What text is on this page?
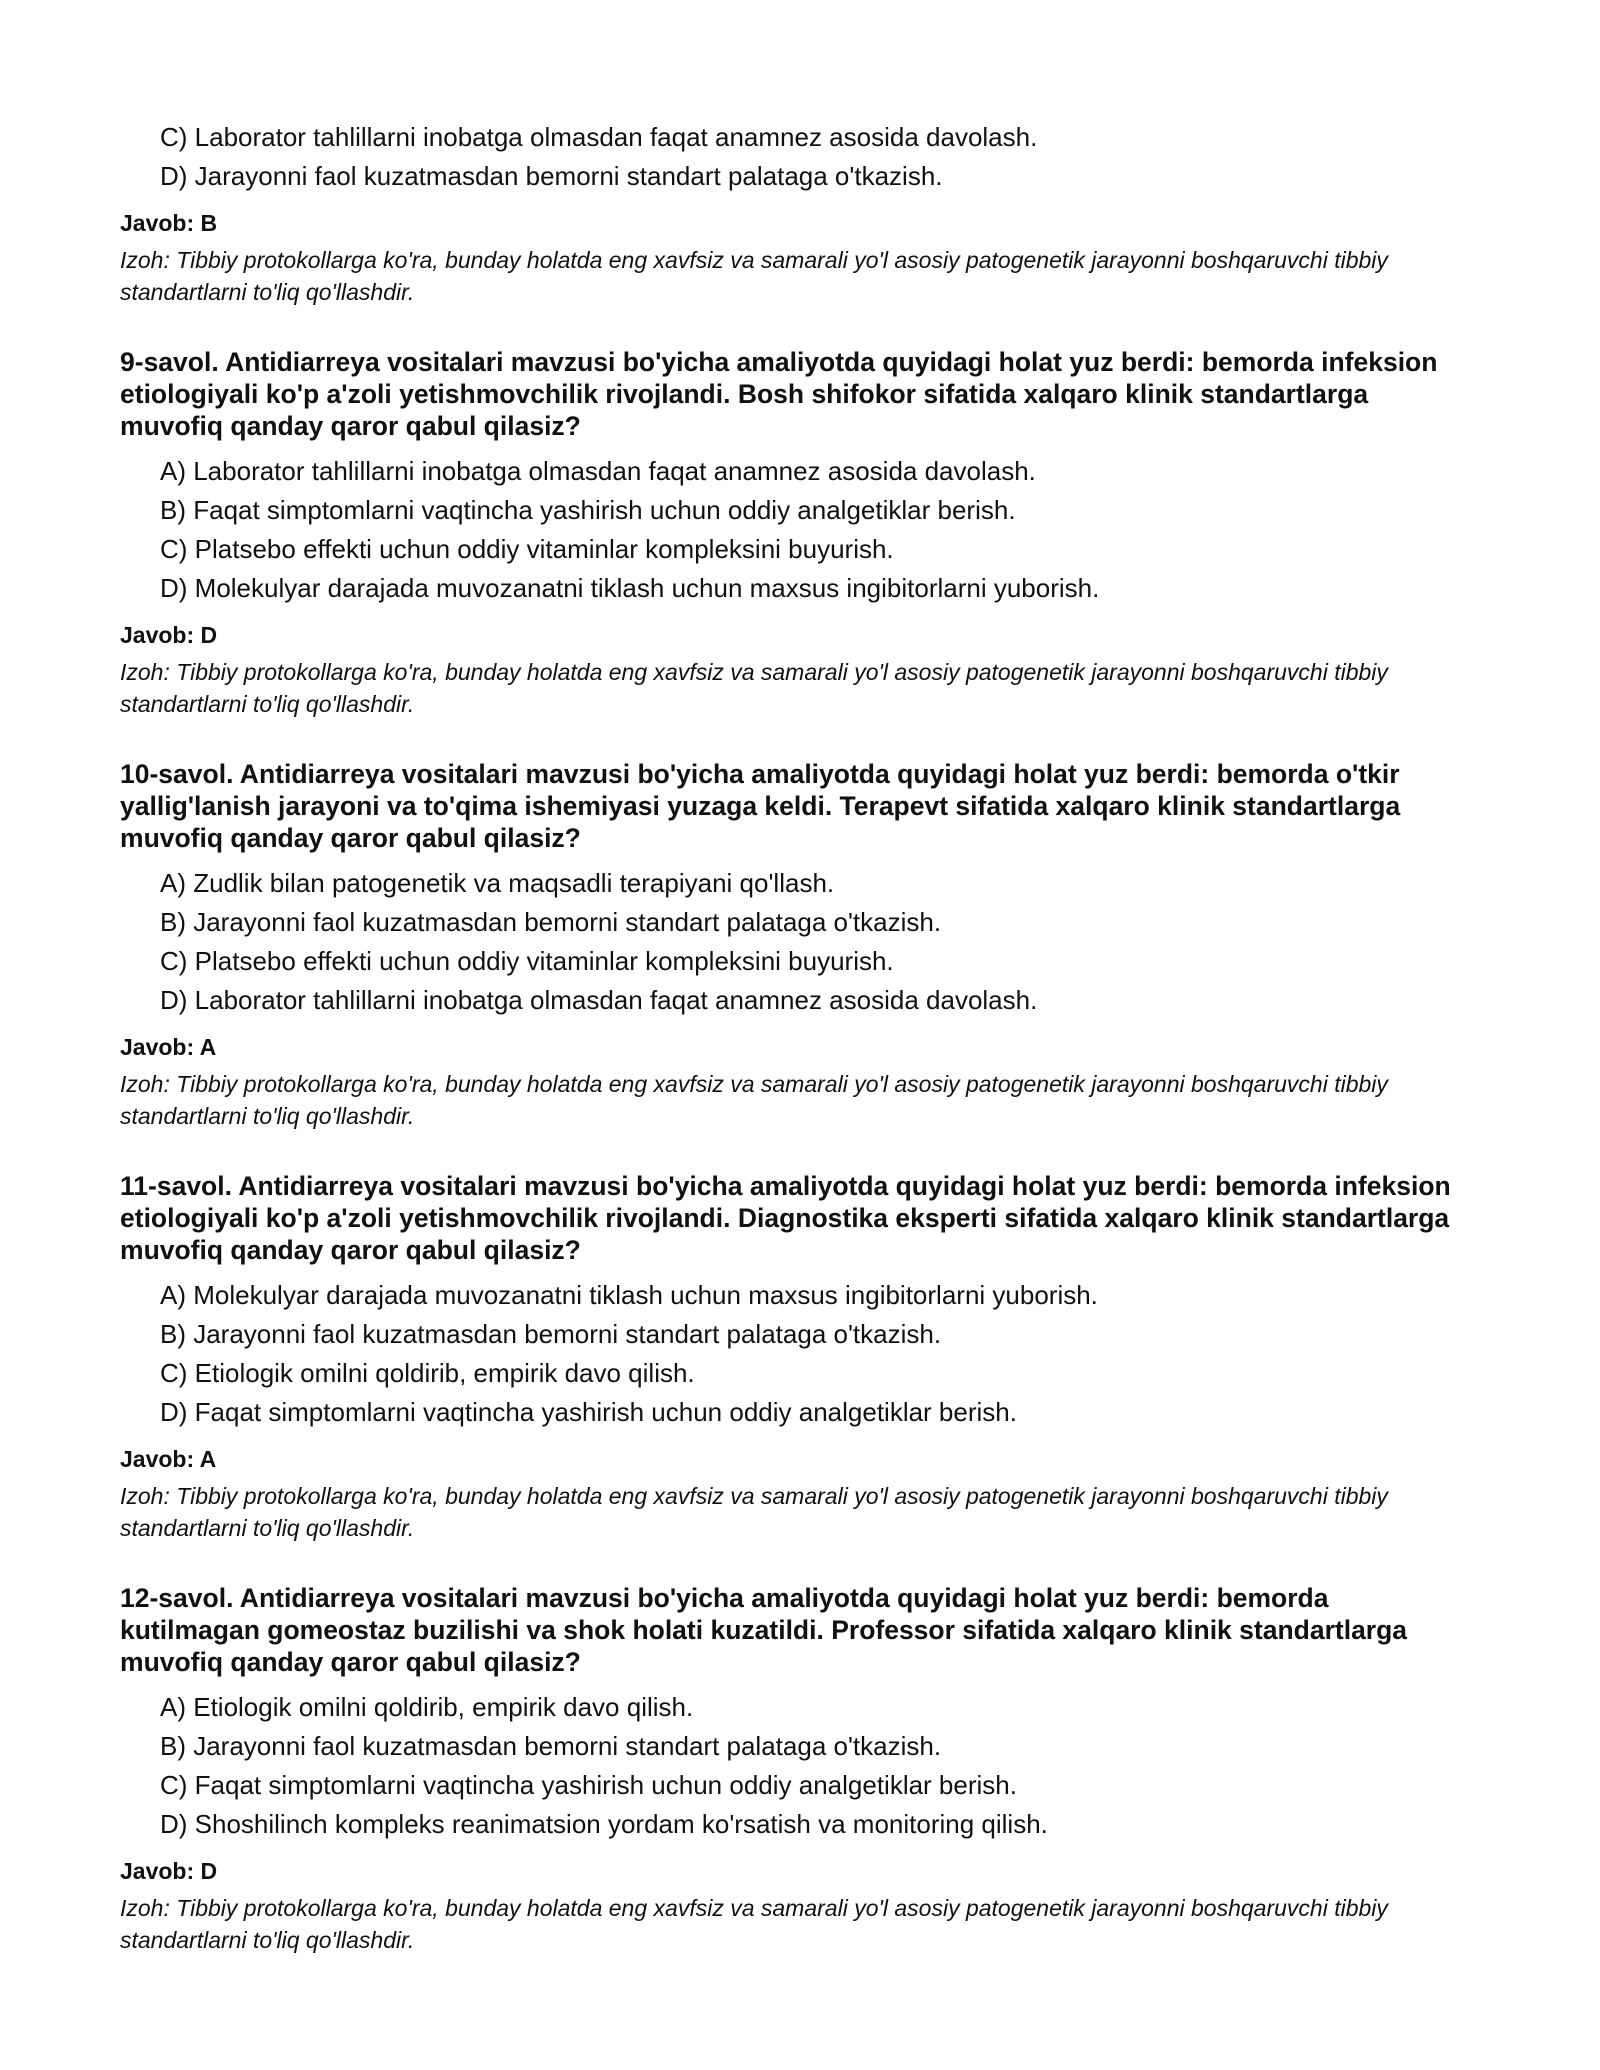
C) Laborator tahlillarni inobatga olmasdan faqat anamnez asosida davolash.

D) Jarayonni faol kuzatmasdan bemorni standart palataga o'tkazish.

Javob: B

Izoh: Tibbiy protokollarga ko'ra, bunday holatda eng xavfsiz va samarali yo'l asosiy patogenetik jarayonni boshqaruvchi tibbiy standartlarni to'liq qo'llashdir.

9-savol. Antidiarreya vositalari mavzusi bo'yicha amaliyotda quyidagi holat yuz berdi: bemorda infeksion etiologiyali ko'p a'zoli yetishmovchilik rivojlandi. Bosh shifokor sifatida xalqaro klinik standartlarga muvofiq qanday qaror qabul qilasiz?

A) Laborator tahlillarni inobatga olmasdan faqat anamnez asosida davolash.

B) Faqat simptomlarni vaqtincha yashirish uchun oddiy analgetiklar berish.

C) Platsebo effekti uchun oddiy vitaminlar kompleksini buyurish.

D) Molekulyar darajada muvozanatni tiklash uchun maxsus ingibitorlarni yuborish.

Javob: D

Izoh: Tibbiy protokollarga ko'ra, bunday holatda eng xavfsiz va samarali yo'l asosiy patogenetik jarayonni boshqaruvchi tibbiy standartlarni to'liq qo'llashdir.

10-savol. Antidiarreya vositalari mavzusi bo'yicha amaliyotda quyidagi holat yuz berdi: bemorda o'tkir yallig'lanish jarayoni va to'qima ishemiyasi yuzaga keldi. Terapevt sifatida xalqaro klinik standartlarga muvofiq qanday qaror qabul qilasiz?

A) Zudlik bilan patogenetik va maqsadli terapiyani qo'llash.

B) Jarayonni faol kuzatmasdan bemorni standart palataga o'tkazish.

C) Platsebo effekti uchun oddiy vitaminlar kompleksini buyurish.

D) Laborator tahlillarni inobatga olmasdan faqat anamnez asosida davolash.

Javob: A

Izoh: Tibbiy protokollarga ko'ra, bunday holatda eng xavfsiz va samarali yo'l asosiy patogenetik jarayonni boshqaruvchi tibbiy standartlarni to'liq qo'llashdir.

11-savol. Antidiarreya vositalari mavzusi bo'yicha amaliyotda quyidagi holat yuz berdi: bemorda infeksion etiologiyali ko'p a'zoli yetishmovchilik rivojlandi. Diagnostika eksperti sifatida xalqaro klinik standartlarga muvofiq qanday qaror qabul qilasiz?

A) Molekulyar darajada muvozanatni tiklash uchun maxsus ingibitorlarni yuborish.

B) Jarayonni faol kuzatmasdan bemorni standart palataga o'tkazish.

C) Etiologik omilni qoldirib, empirik davo qilish.

D) Faqat simptomlarni vaqtincha yashirish uchun oddiy analgetiklar berish.

Javob: A

Izoh: Tibbiy protokollarga ko'ra, bunday holatda eng xavfsiz va samarali yo'l asosiy patogenetik jarayonni boshqaruvchi tibbiy standartlarni to'liq qo'llashdir.

12-savol. Antidiarreya vositalari mavzusi bo'yicha amaliyotda quyidagi holat yuz berdi: bemorda kutilmagan gomeostaz buzilishi va shok holati kuzatildi. Professor sifatida xalqaro klinik standartlarga muvofiq qanday qaror qabul qilasiz?

A) Etiologik omilni qoldirib, empirik davo qilish.

B) Jarayonni faol kuzatmasdan bemorni standart palataga o'tkazish.

C) Faqat simptomlarni vaqtincha yashirish uchun oddiy analgetiklar berish.

D) Shoshilinch kompleks reanimatsion yordam ko'rsatish va monitoring qilish.

Javob: D

Izoh: Tibbiy protokollarga ko'ra, bunday holatda eng xavfsiz va samarali yo'l asosiy patogenetik jarayonni boshqaruvchi tibbiy standartlarni to'liq qo'llashdir.
